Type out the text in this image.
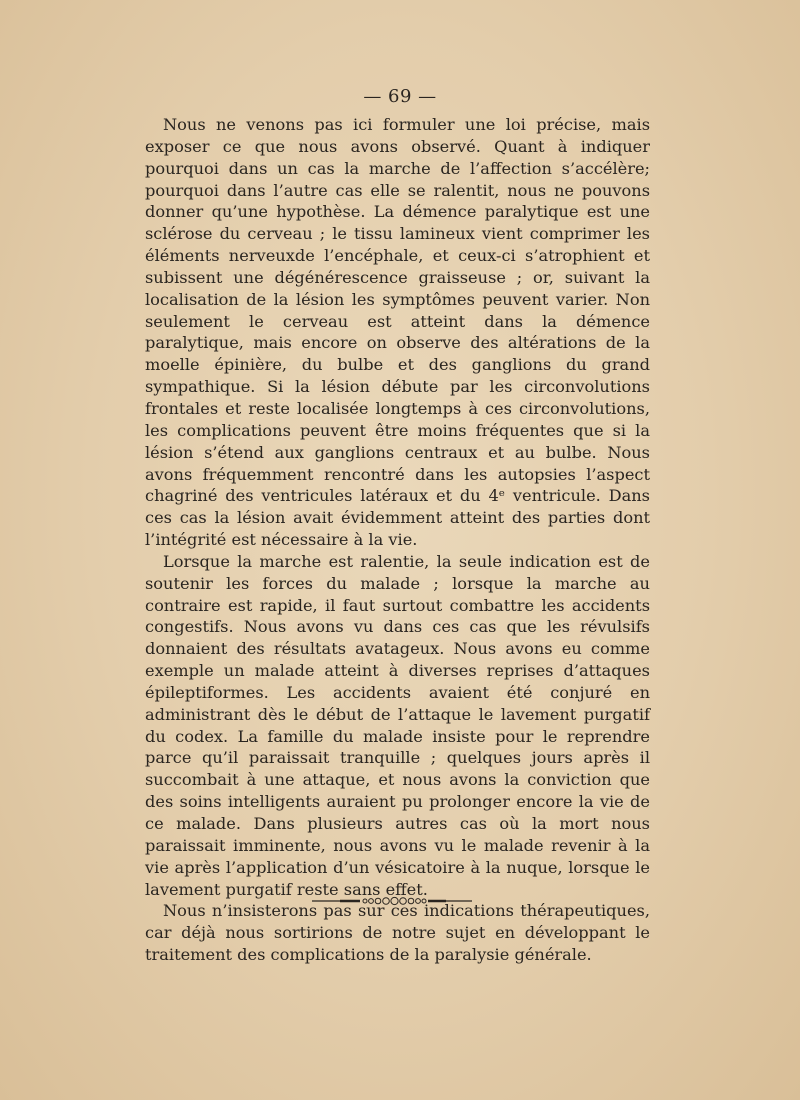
— 69 —

Nous ne venons pas ici formuler une loi précise, mais exposer ce que nous avons observé. Quant à indiquer pourquoi dans un cas la marche de l’affection s’accélère; pourquoi dans l’autre cas elle se ralentit, nous ne pouvons donner qu’une hypothèse. La démence paralytique est une sclérose du cerveau ; le tissu lamineux vient comprimer les éléments nerveuxde l’encéphale, et ceux-ci s’atrophient et subissent une dégénérescence graisseuse ; or, suivant la localisation de la lésion les symptômes peuvent varier. Non seulement le cerveau est atteint dans la démence paralytique, mais encore on observe des altérations de la moelle épinière, du bulbe et des ganglions du grand sympathique. Si la lésion débute par les circonvolutions frontales et reste localisée longtemps à ces circonvolutions, les complications peuvent être moins fréquentes que si la lésion s’étend aux ganglions centraux et au bulbe. Nous avons fréquemment rencontré dans les autopsies l’aspect chagriné des ventricules latéraux et du 4ᵉ ventricule. Dans ces cas la lésion avait évidemment atteint des parties dont l’intégrité est nécessaire à la vie.

Lorsque la marche est ralentie, la seule indication est de soutenir les forces du malade ; lorsque la marche au contraire est rapide, il faut surtout combattre les accidents congestifs. Nous avons vu dans ces cas que les révulsifs donnaient des résultats avatageux. Nous avons eu comme exemple un malade atteint à diverses reprises d’attaques épileptiformes. Les accidents avaient été conjuré en administrant dès le début de l’attaque le lavement purgatif du codex. La famille du malade insiste pour le reprendre parce qu’il paraissait tranquille ; quelques jours après il succombait à une attaque, et nous avons la conviction que des soins intelligents auraient pu prolonger encore la vie de ce malade. Dans plusieurs autres cas où la mort nous paraissait imminente, nous avons vu le malade revenir à la vie après l’application d’un vésicatoire à la nuque, lorsque le lavement purgatif reste sans effet.

Nous n’insisterons pas sur ces indications thérapeutiques, car déjà nous sortirions de notre sujet en développant le traitement des complications de la paralysie générale.
